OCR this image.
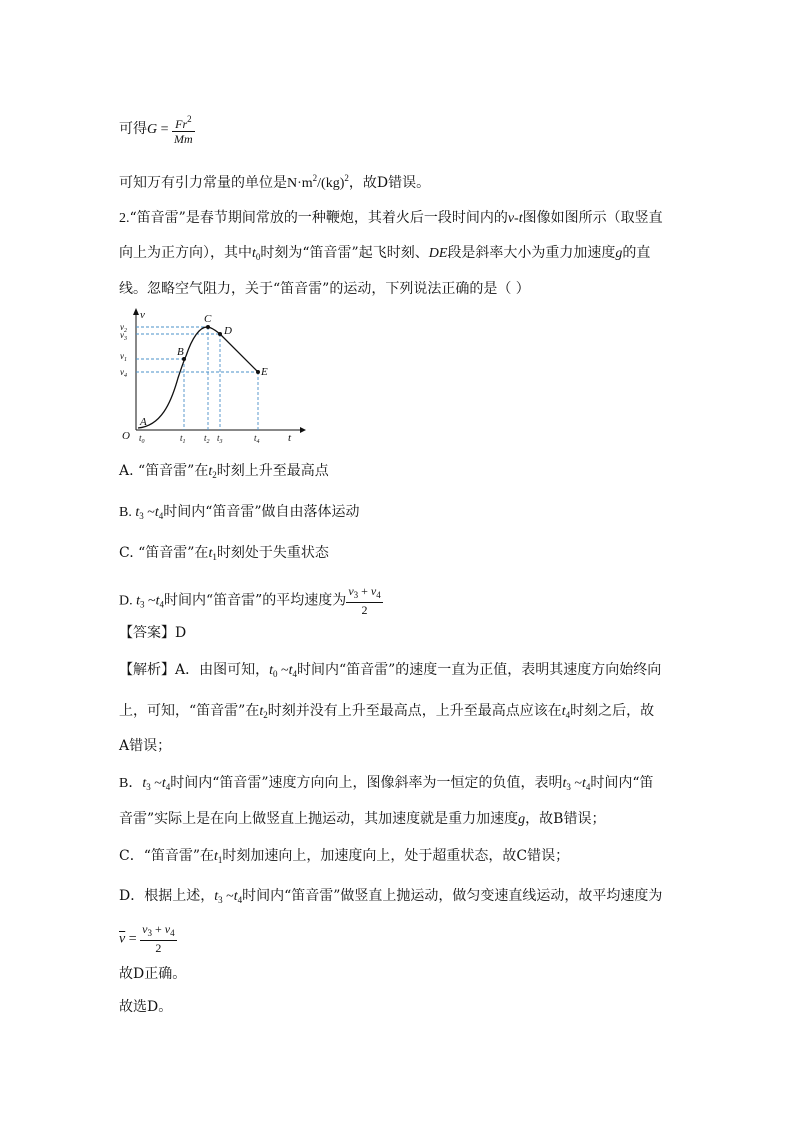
可得$G = \frac{Fr^2}{Mm}$
可知万有引力常量的单位是$N\cdot m^2/(kg)^2$，故D错误。
2.“笛音雷”是春节期间常放的一种鞭炮，其着火后一段时间内的v-t图像如图所示（取竖直
向上为正方向），其中$t_0$时刻为“笛音雷”起飞时刻、DE段是斜率大小为重力加速度g的直
线。忽略空气阻力，关于“笛音雷”的运动，下列说法正确的是（ ）
v
t
O
$v_2$
$v_3$
$v_1$
$v_4$
$t_0$	$t_1$ $t_2$ $t_3$	$t_4$
A
B
C
D
E
A. “笛音雷”在$t_2$时刻上升至最高点
B. $t_3$ $\sim t_4$时间内“笛音雷”做自由落体运动
C. “笛音雷”在$t_1$时刻处于失重状态
D. $t_3$ $\sim t_4$时间内“笛音雷”的平均速度为 $\frac{v_3 + v_4}{2}$
【答案】D
【解析】A．由图可知，$t_0$ $\sim t_4$时间内“笛音雷”的速度一直为正值，表明其速度方向始终向
上，可知，“笛音雷”在$t_2$时刻并没有上升至最高点，上升至最高点应该在$t_4$时刻之后，故
A错误；
B．$t_3$ $\sim t_4$时间内“笛音雷”速度方向向上，图像斜率为一恒定的负值，表明$t_3$ $\sim t_4$时间内“笛
音雷”实际上是在向上做竖直上抛运动，其加速度就是重力加速度g，故B错误；
C．“笛音雷”在$t_1$时刻加速向上，加速度向上，处于超重状态，故C错误；
D．根据上述，$t_3$ $\sim t_4$时间内“笛音雷”做竖直上抛运动，做匀变速直线运动，故平均速度为
$\overline{v} = \frac{v_3 + v_4}{2}$
故D正确。
故选D。
